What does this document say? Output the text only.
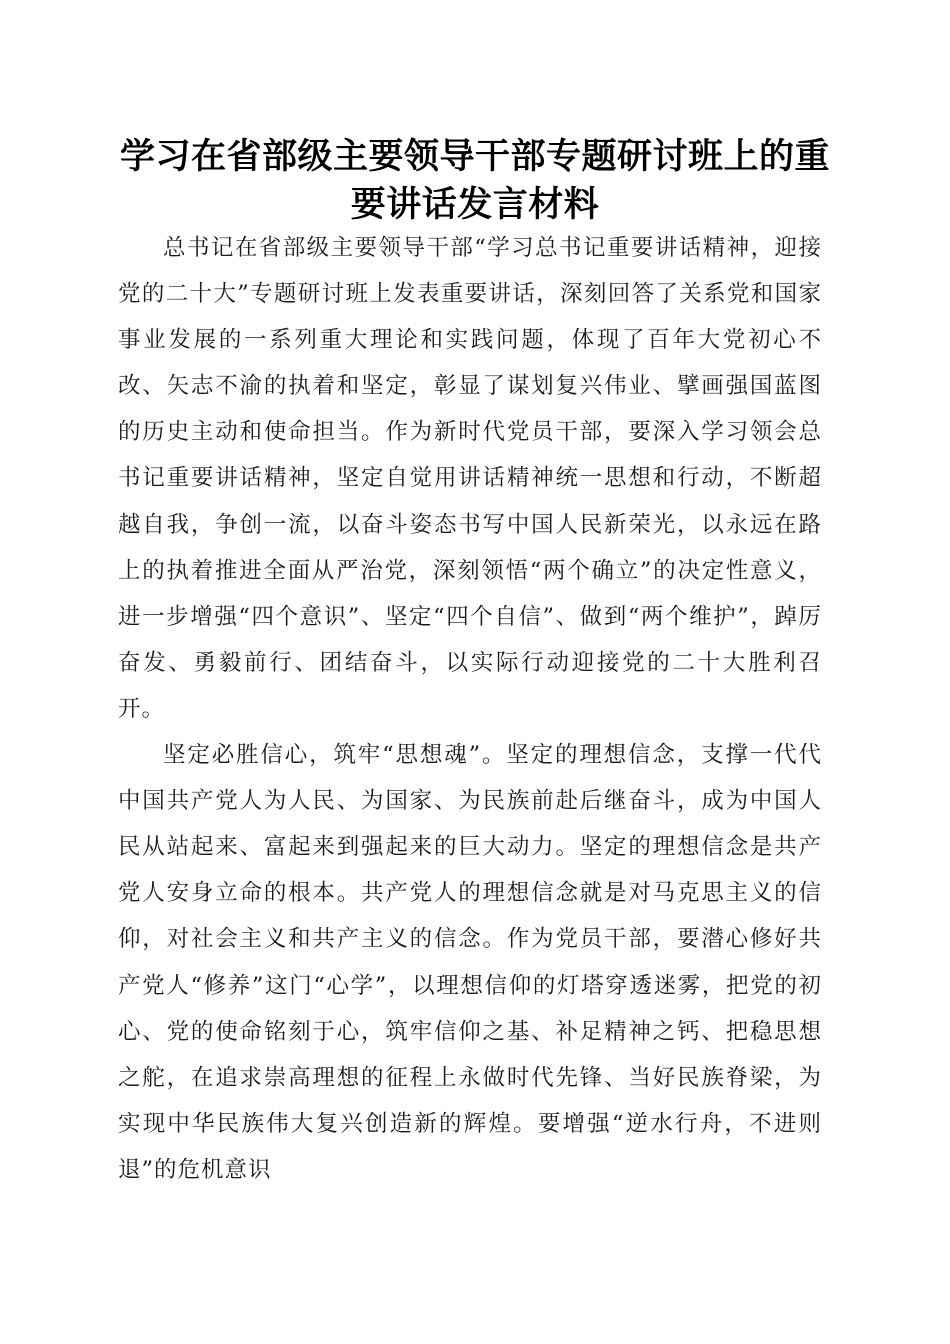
学习在省部级主要领导干部专题研讨班上的重要讲话发言材料

总书记在省部级主要领导干部“学习总书记重要讲话精神，迎接党的二十大”专题研讨班上发表重要讲话，深刻回答了关系党和国家事业发展的一系列重大理论和实践问题，体现了百年大党初心不改、矢志不渝的执着和坚定，彰显了谋划复兴伟业、擘画强国蓝图的历史主动和使命担当。作为新时代党员干部，要深入学习领会总书记重要讲话精神，坚定自觉用讲话精神统一思想和行动，不断超越自我，争创一流，以奋斗姿态书写中国人民新荣光，以永远在路上的执着推进全面从严治党，深刻领悟“两个确立”的决定性意义，进一步增强“四个意识”、坚定“四个自信”、做到“两个维护”，踔厉奋发、勇毅前行、团结奋斗，以实际行动迎接党的二十大胜利召开。

坚定必胜信心，筑牢“思想魂”。坚定的理想信念，支撑一代代中国共产党人为人民、为国家、为民族前赴后继奋斗，成为中国人民从站起来、富起来到强起来的巨大动力。坚定的理想信念是共产党人安身立命的根本。共产党人的理想信念就是对马克思主义的信仰，对社会主义和共产主义的信念。作为党员干部，要潜心修好共产党人“修养”这门“心学”，以理想信仰的灯塔穿透迷雾，把党的初心、党的使命铭刻于心，筑牢信仰之基、补足精神之钙、把稳思想之舵，在追求崇高理想的征程上永做时代先锋、当好民族脊梁，为实现中华民族伟大复兴创造新的辉煌。要增强“逆水行舟，不进则退”的危机意识
